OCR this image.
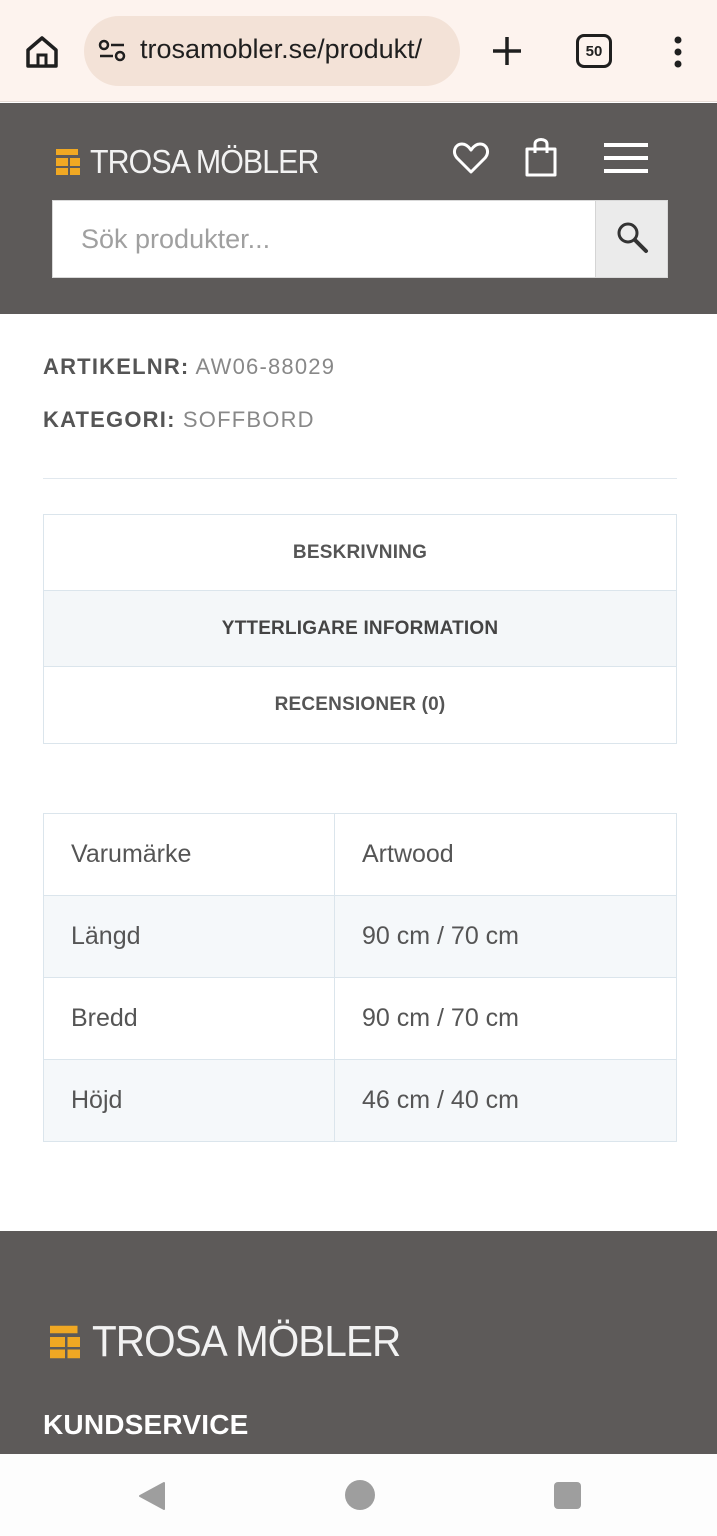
trosamobler.se/produkt/	50
TROSA MÖBLER
Sök produkter...
ARTIKELNR: AW06-88029
KATEGORI: SOFFBORD
BESKRIVNING
YTTERLIGARE INFORMATION
RECENSIONER (0)
Varumärke	Artwood
Längd	90 cm / 70 cm
Bredd	90 cm / 70 cm
Höjd	46 cm / 40 cm
TROSA MÖBLER
KUNDSERVICE
